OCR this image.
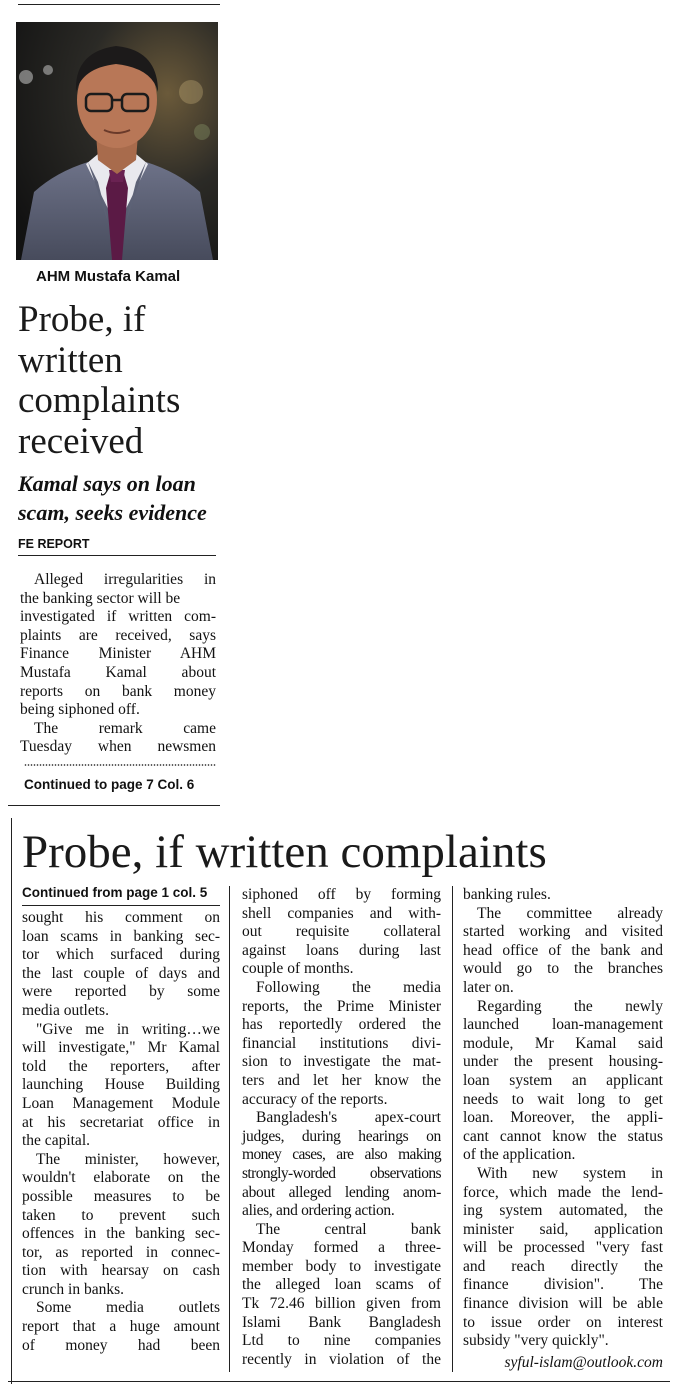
AHM Mustafa Kamal
Probe, if
written
complaints
received
Kamal says on loan
scam, seeks evidence
FE REPORT
Alleged irregularities in
the banking sector will be
investigated if written com-
plaints are received, says
Finance Minister AHM
Mustafa Kamal about
reports on bank money
being siphoned off.
The remark came
Tuesday when newsmen
Continued to page 7 Col. 6
Probe, if written complaints
Continued from page 1 col. 5
sought his comment on
loan scams in banking sec-
tor which surfaced during
the last couple of days and
were reported by some
media outlets.
"Give me in writing…we
will investigate," Mr Kamal
told the reporters, after
launching House Building
Loan Management Module
at his secretariat office in
the capital.
The minister, however,
wouldn't elaborate on the
possible measures to be
taken to prevent such
offences in the banking sec-
tor, as reported in connec-
tion with hearsay on cash
crunch in banks.
Some media outlets
report that a huge amount
of money had been
siphoned off by forming
shell companies and with-
out requisite collateral
against loans during last
couple of months.
Following the media
reports, the Prime Minister
has reportedly ordered the
financial institutions divi-
sion to investigate the mat-
ters and let her know the
accuracy of the reports.
Bangladesh's apex-court
judges, during hearings on
money cases, are also making
strongly-worded observations
about alleged lending anom-
alies, and ordering action.
The central bank
Monday formed a three-
member body to investigate
the alleged loan scams of
Tk 72.46 billion given from
Islami Bank Bangladesh
Ltd to nine companies
recently in violation of the
banking rules.
The committee already
started working and visited
head office of the bank and
would go to the branches
later on.
Regarding the newly
launched loan-management
module, Mr Kamal said
under the present housing-
loan system an applicant
needs to wait long to get
loan. Moreover, the appli-
cant cannot know the status
of the application.
With new system in
force, which made the lend-
ing system automated, the
minister said, application
will be processed "very fast
and reach directly the
finance division". The
finance division will be able
to issue order on interest
subsidy "very quickly".
syful-islam@outlook.com
